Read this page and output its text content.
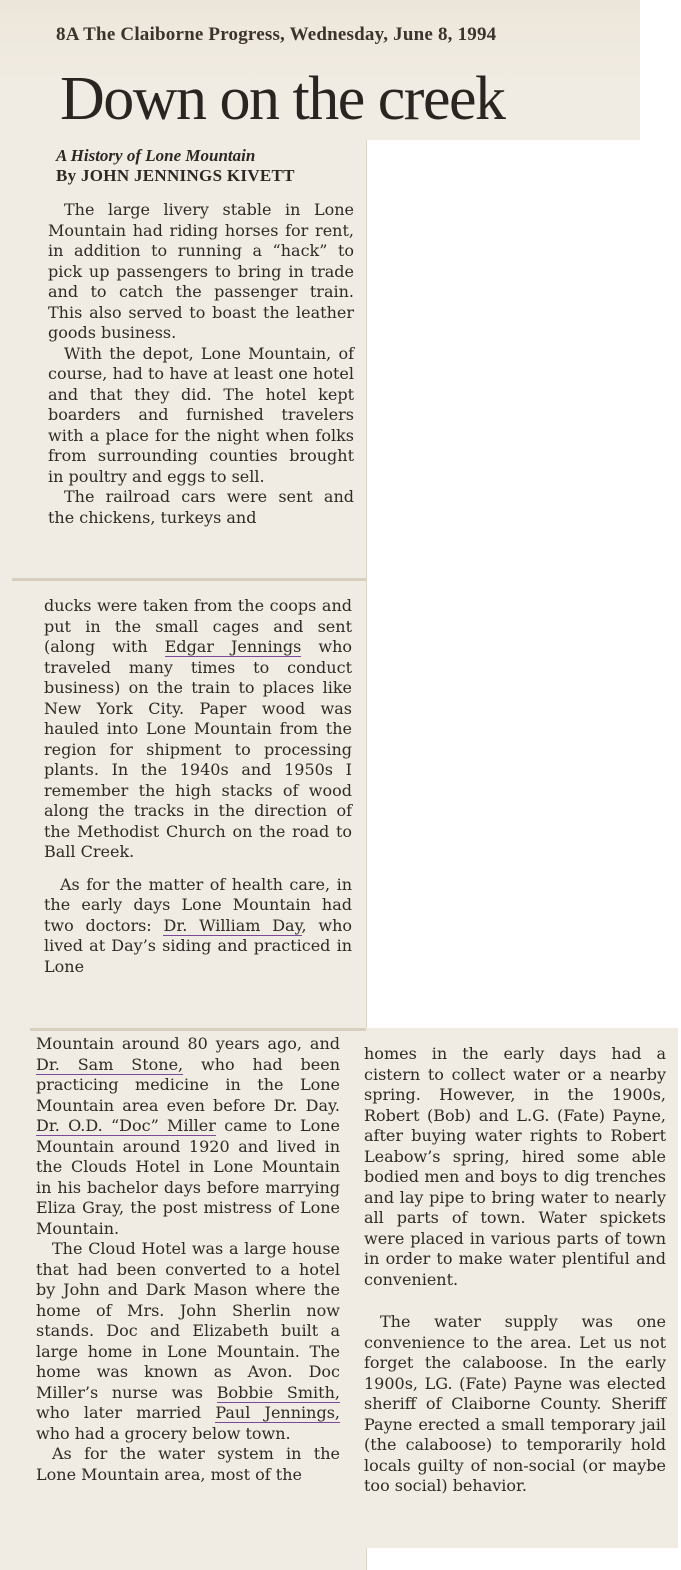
8A The Claiborne Progress, Wednesday, June 8, 1994
Down on the creek
A History of Lone Mountain
By JOHN JENNINGS KIVETT

The large livery stable in Lone Mountain had riding horses for rent, in addition to running a “hack” to pick up passengers to bring in trade and to catch the passenger train. This also served to boast the leather goods business.

With the depot, Lone Mountain, of course, had to have at least one hotel and that they did. The hotel kept boarders and furnished travelers with a place for the night when folks from surrounding counties brought in poultry and eggs to sell.

The railroad cars were sent and the chickens, turkeys and

ducks were taken from the coops and put in the small cages and sent (along with Edgar Jennings who traveled many times to conduct business) on the train to places like New York City. Paper wood was hauled into Lone Mountain from the region for shipment to processing plants. In the 1940s and 1950s I remember the high stacks of wood along the tracks in the direction of the Methodist Church on the road to Ball Creek.

As for the matter of health care, in the early days Lone Mountain had two doctors: Dr. William Day, who lived at Day’s siding and practiced in Lone

Mountain around 80 years ago, and Dr. Sam Stone, who had been practicing medicine in the Lone Mountain area even before Dr. Day. Dr. O.D. “Doc” Miller came to Lone Mountain around 1920 and lived in the Clouds Hotel in Lone Mountain in his bachelor days before marrying Eliza Gray, the post mistress of Lone Mountain.

The Cloud Hotel was a large house that had been converted to a hotel by John and Dark Mason where the home of Mrs. John Sherlin now stands. Doc and Elizabeth built a large home in Lone Mountain. The home was known as Avon. Doc Miller’s nurse was Bobbie Smith, who later married Paul Jennings, who had a grocery below town.

As for the water system in the Lone Mountain area, most of the

homes in the early days had a cistern to collect water or a nearby spring. However, in the 1900s, Robert (Bob) and L.G. (Fate) Payne, after buying water rights to Robert Leabow’s spring, hired some able bodied men and boys to dig trenches and lay pipe to bring water to nearly all parts of town. Water spickets were placed in various parts of town in order to make water plentiful and convenient.

The water supply was one convenience to the area. Let us not forget the calaboose. In the early 1900s, LG. (Fate) Payne was elected sheriff of Claiborne County. Sheriff Payne erected a small temporary jail (the calaboose) to temporarily hold locals guilty of non-social (or maybe too social) behavior.
